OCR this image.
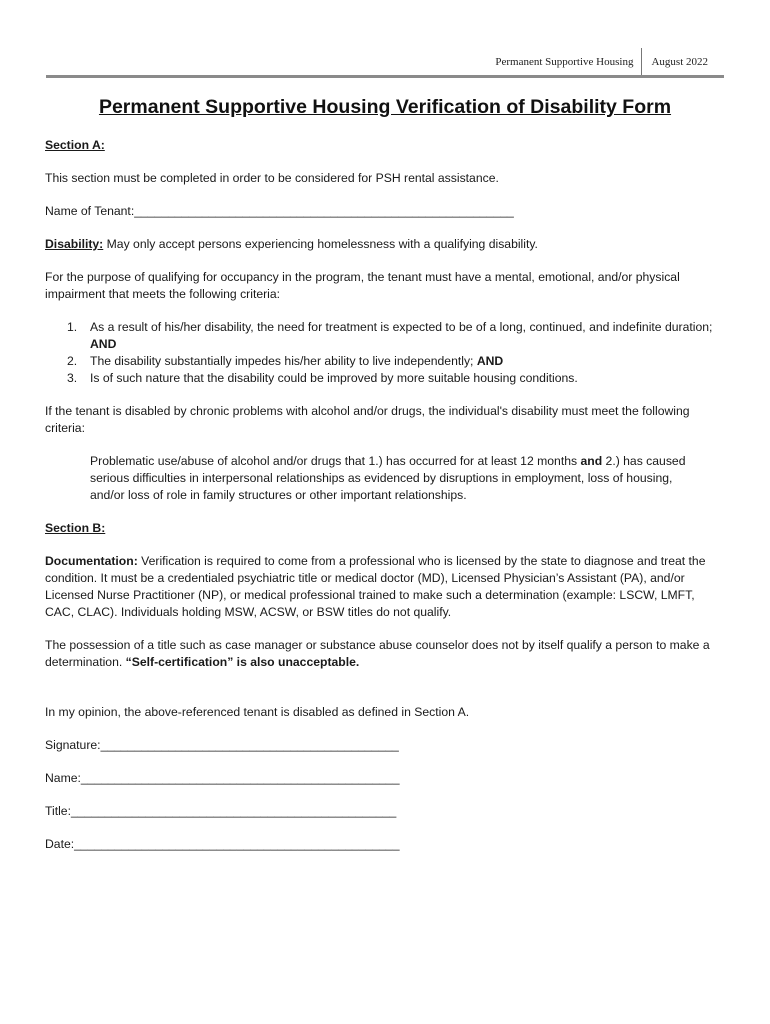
Permanent Supportive Housing	August 2022
Permanent Supportive Housing Verification of Disability Form

Section A:

This section must be completed in order to be considered for PSH rental assistance.

Name of Tenant:________________________________________________________

Disability: May only accept persons experiencing homelessness with a qualifying disability.

For the purpose of qualifying for occupancy in the program, the tenant must have a mental, emotional, and/or physical impairment that meets the following criteria:

1. As a result of his/her disability, the need for treatment is expected to be of a long, continued, and indefinite duration; AND
2. The disability substantially impedes his/her ability to live independently; AND
3. Is of such nature that the disability could be improved by more suitable housing conditions.

If the tenant is disabled by chronic problems with alcohol and/or drugs, the individual's disability must meet the following criteria:

Problematic use/abuse of alcohol and/or drugs that 1.) has occurred for at least 12 months and 2.) has caused serious difficulties in interpersonal relationships as evidenced by disruptions in employment, loss of housing, and/or loss of role in family structures or other important relationships.

Section B:

Documentation: Verification is required to come from a professional who is licensed by the state to diagnose and treat the condition. It must be a credentialed psychiatric title or medical doctor (MD), Licensed Physician’s Assistant (PA), and/or Licensed Nurse Practitioner (NP), or medical professional trained to make such a determination (example: LSCW, LMFT, CAC, CLAC). Individuals holding MSW, ACSW, or BSW titles do not qualify.

The possession of a title such as case manager or substance abuse counselor does not by itself qualify a person to make a determination. “Self-certification” is also unacceptable.

In my opinion, the above-referenced tenant is disabled as defined in Section A.

Signature:____________________________________________

Name:_______________________________________________

Title:________________________________________________

Date:________________________________________________
